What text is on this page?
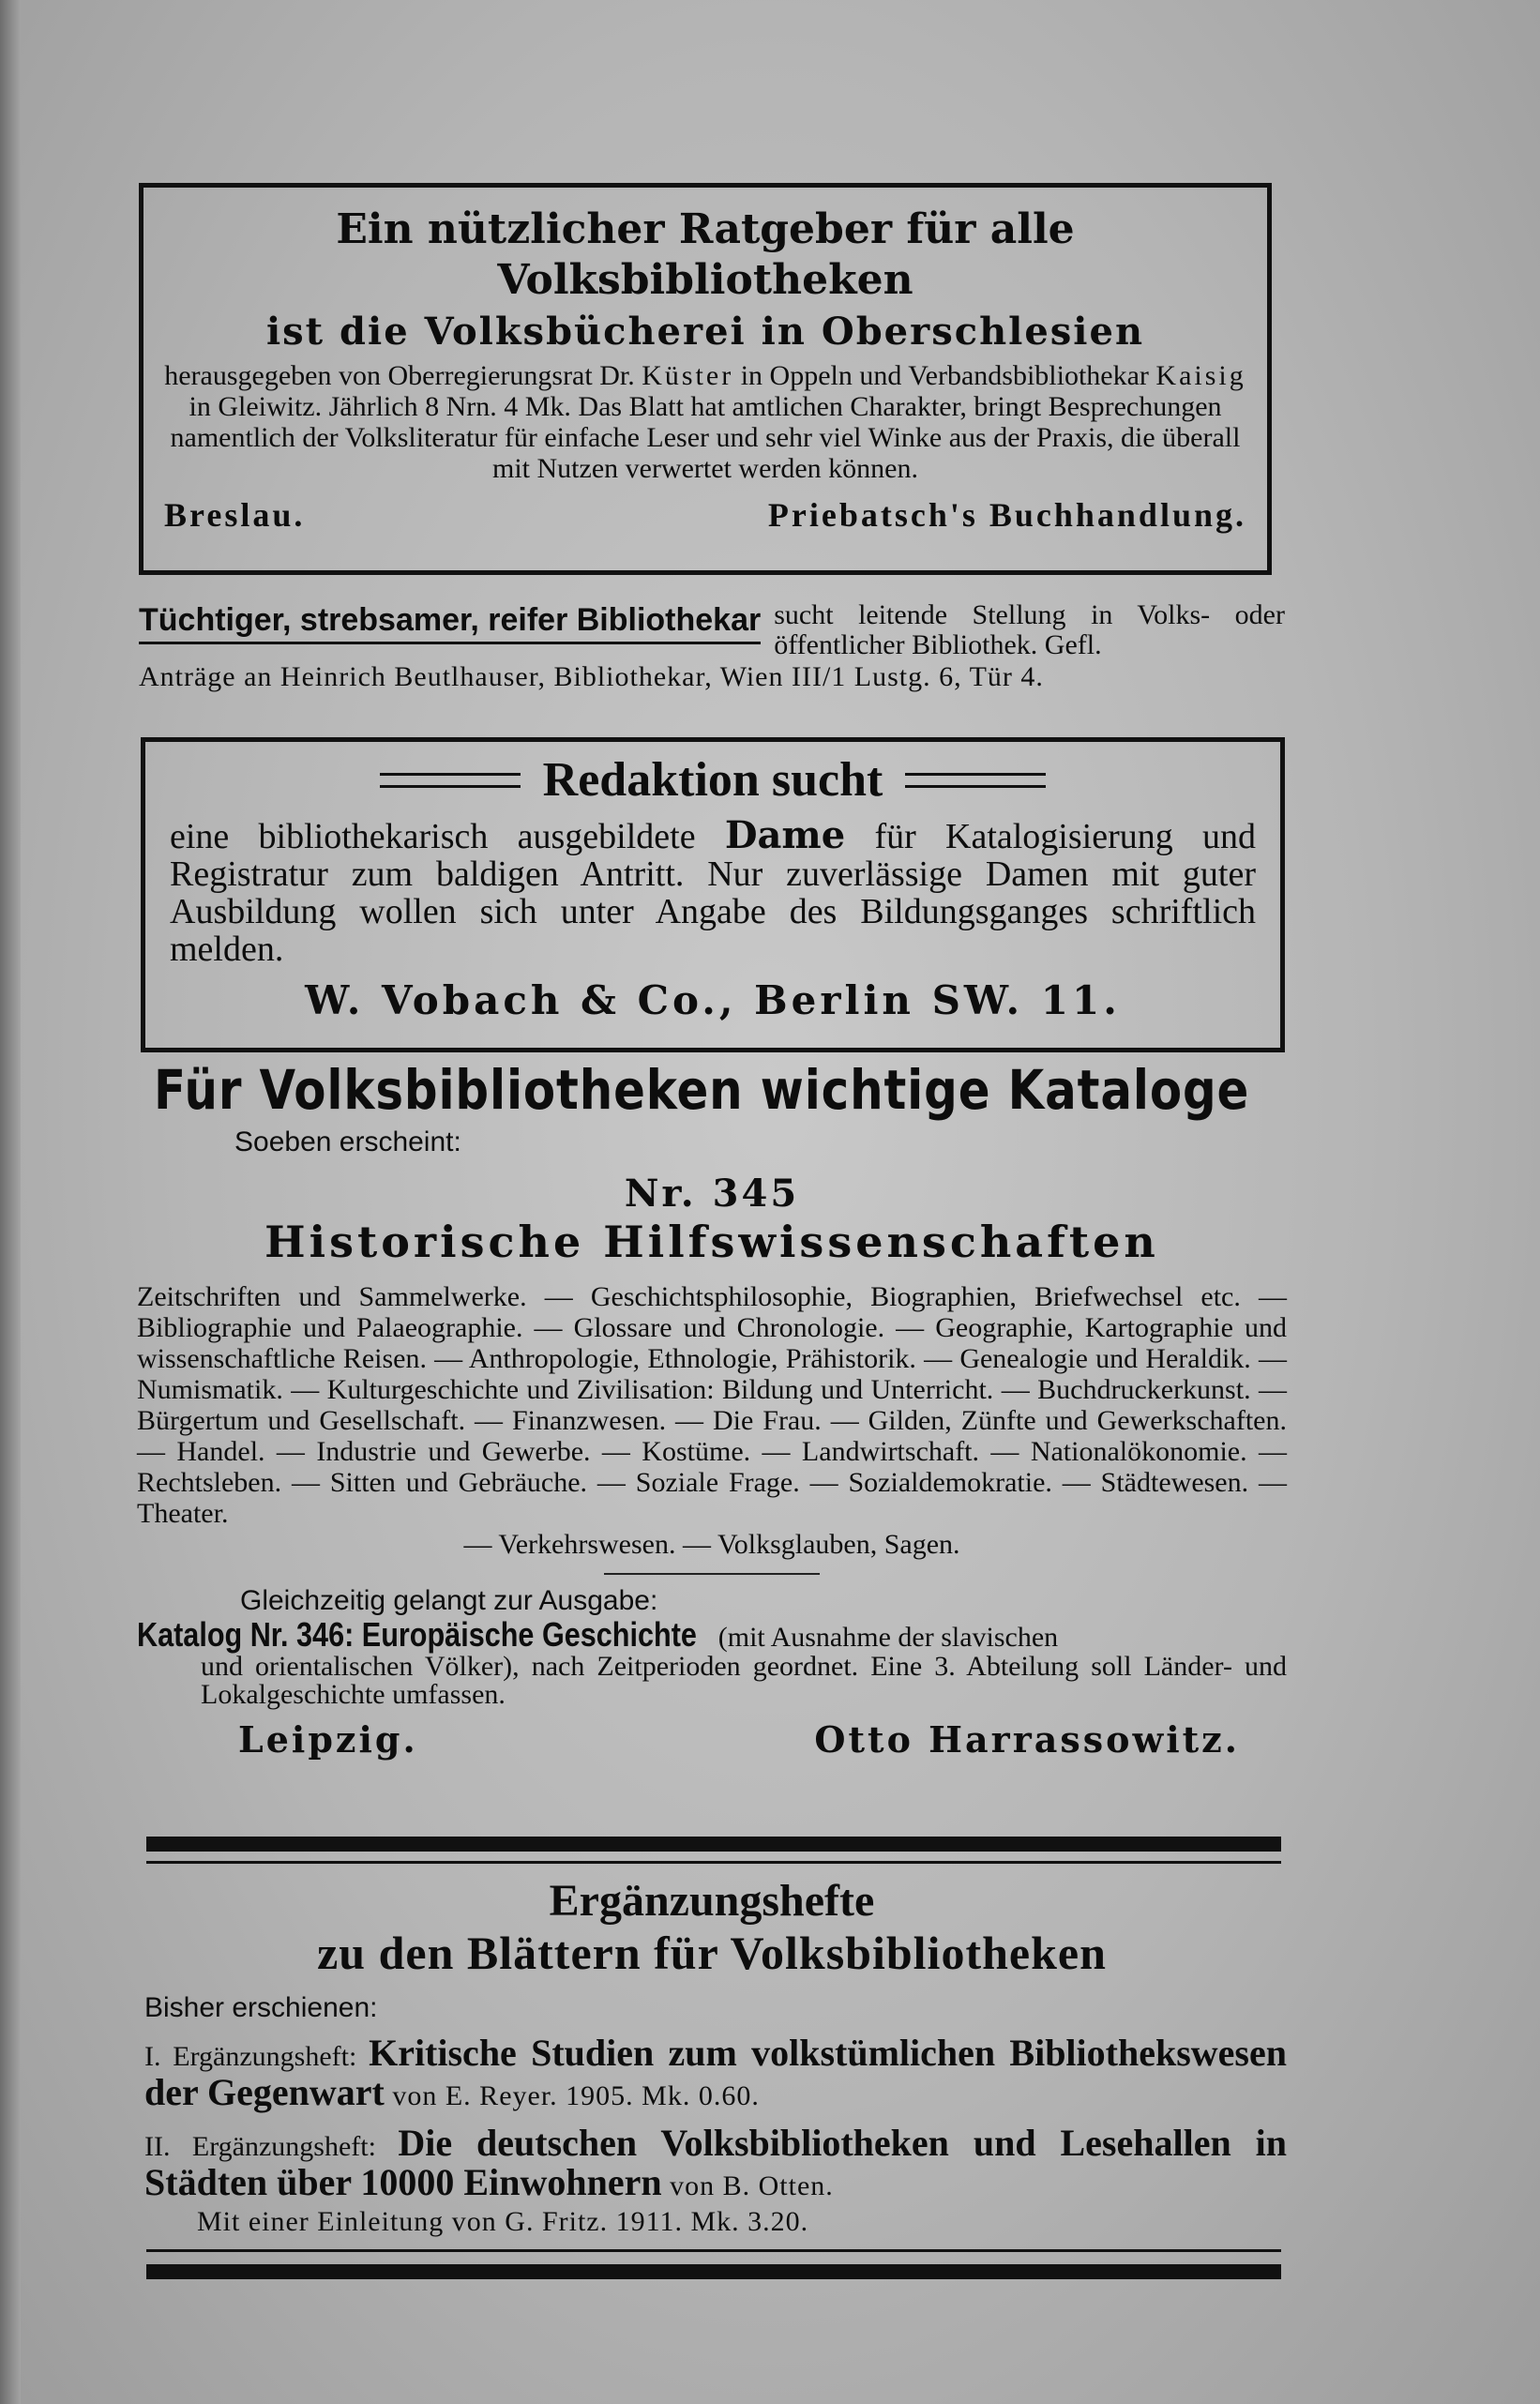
Ein nützlicher Ratgeber für alle
Volksbibliotheken
ist die Volksbücherei in Oberschlesien
herausgegeben von Oberregierungsrat Dr. Küster in Oppeln und Verbandsbibliothekar Kaisig in Gleiwitz. Jährlich 8 Nrn. 4 Mk. Das Blatt hat amtlichen Charakter, bringt Besprechungen namentlich der Volksliteratur für einfache Leser und sehr viel Winke aus der Praxis, die überall mit Nutzen verwertet werden können.
Breslau.	Priebatsch's Buchhandlung.
Tüchtiger, strebsamer, reifer Bibliothekar sucht leitende Stellung in Volks- oder öffentlicher Bibliothek. Gefl.
Anträge an Heinrich Beutlhauser, Bibliothekar, Wien III/1 Lustg. 6, Tür 4.
Redaktion sucht
eine bibliothekarisch ausgebildete Dame für Katalogisierung und Registratur zum baldigen Antritt. Nur zuverlässige Damen mit guter Ausbildung wollen sich unter Angabe des Bildungsganges schriftlich melden.
W. Vobach & Co., Berlin SW. 11.
Für Volksbibliotheken wichtige Kataloge
Soeben erscheint:
Nr. 345
Historische Hilfswissenschaften
Zeitschriften und Sammelwerke. — Geschichtsphilosophie, Biographien, Briefwechsel etc. — Bibliographie und Palaeographie. — Glossare und Chronologie. — Geographie, Kartographie und wissenschaftliche Reisen. — Anthropologie, Ethnologie, Prähistorik. — Genealogie und Heraldik. — Numismatik. — Kulturgeschichte und Zivilisation: Bildung und Unterricht. — Buchdruckerkunst. — Bürgertum und Gesellschaft. — Finanzwesen. — Die Frau. — Gilden, Zünfte und Gewerkschaften. — Handel. — Industrie und Gewerbe. — Kostüme. — Landwirtschaft. — Nationalökonomie. — Rechtsleben. — Sitten und Gebräuche. — Soziale Frage. — Sozialdemokratie. — Städtewesen. — Theater.
— Verkehrswesen. — Volksglauben, Sagen.
Gleichzeitig gelangt zur Ausgabe:
Katalog Nr. 346: Europäische Geschichte (mit Ausnahme der slavischen
und orientalischen Völker), nach Zeitperioden geordnet. Eine 3. Abteilung soll Länder- und Lokalgeschichte umfassen.
Leipzig.	Otto Harrassowitz.
Ergänzungshefte
zu den Blättern für Volksbibliotheken
Bisher erschienen:
I. Ergänzungsheft: Kritische Studien zum volkstümlichen Bibliothekswesen der Gegenwart von E. Reyer. 1905. Mk. 0.60.
II. Ergänzungsheft: Die deutschen Volksbibliotheken und Lesehallen in Städten über 10000 Einwohnern von B. Otten.
Mit einer Einleitung von G. Fritz. 1911. Mk. 3.20.
